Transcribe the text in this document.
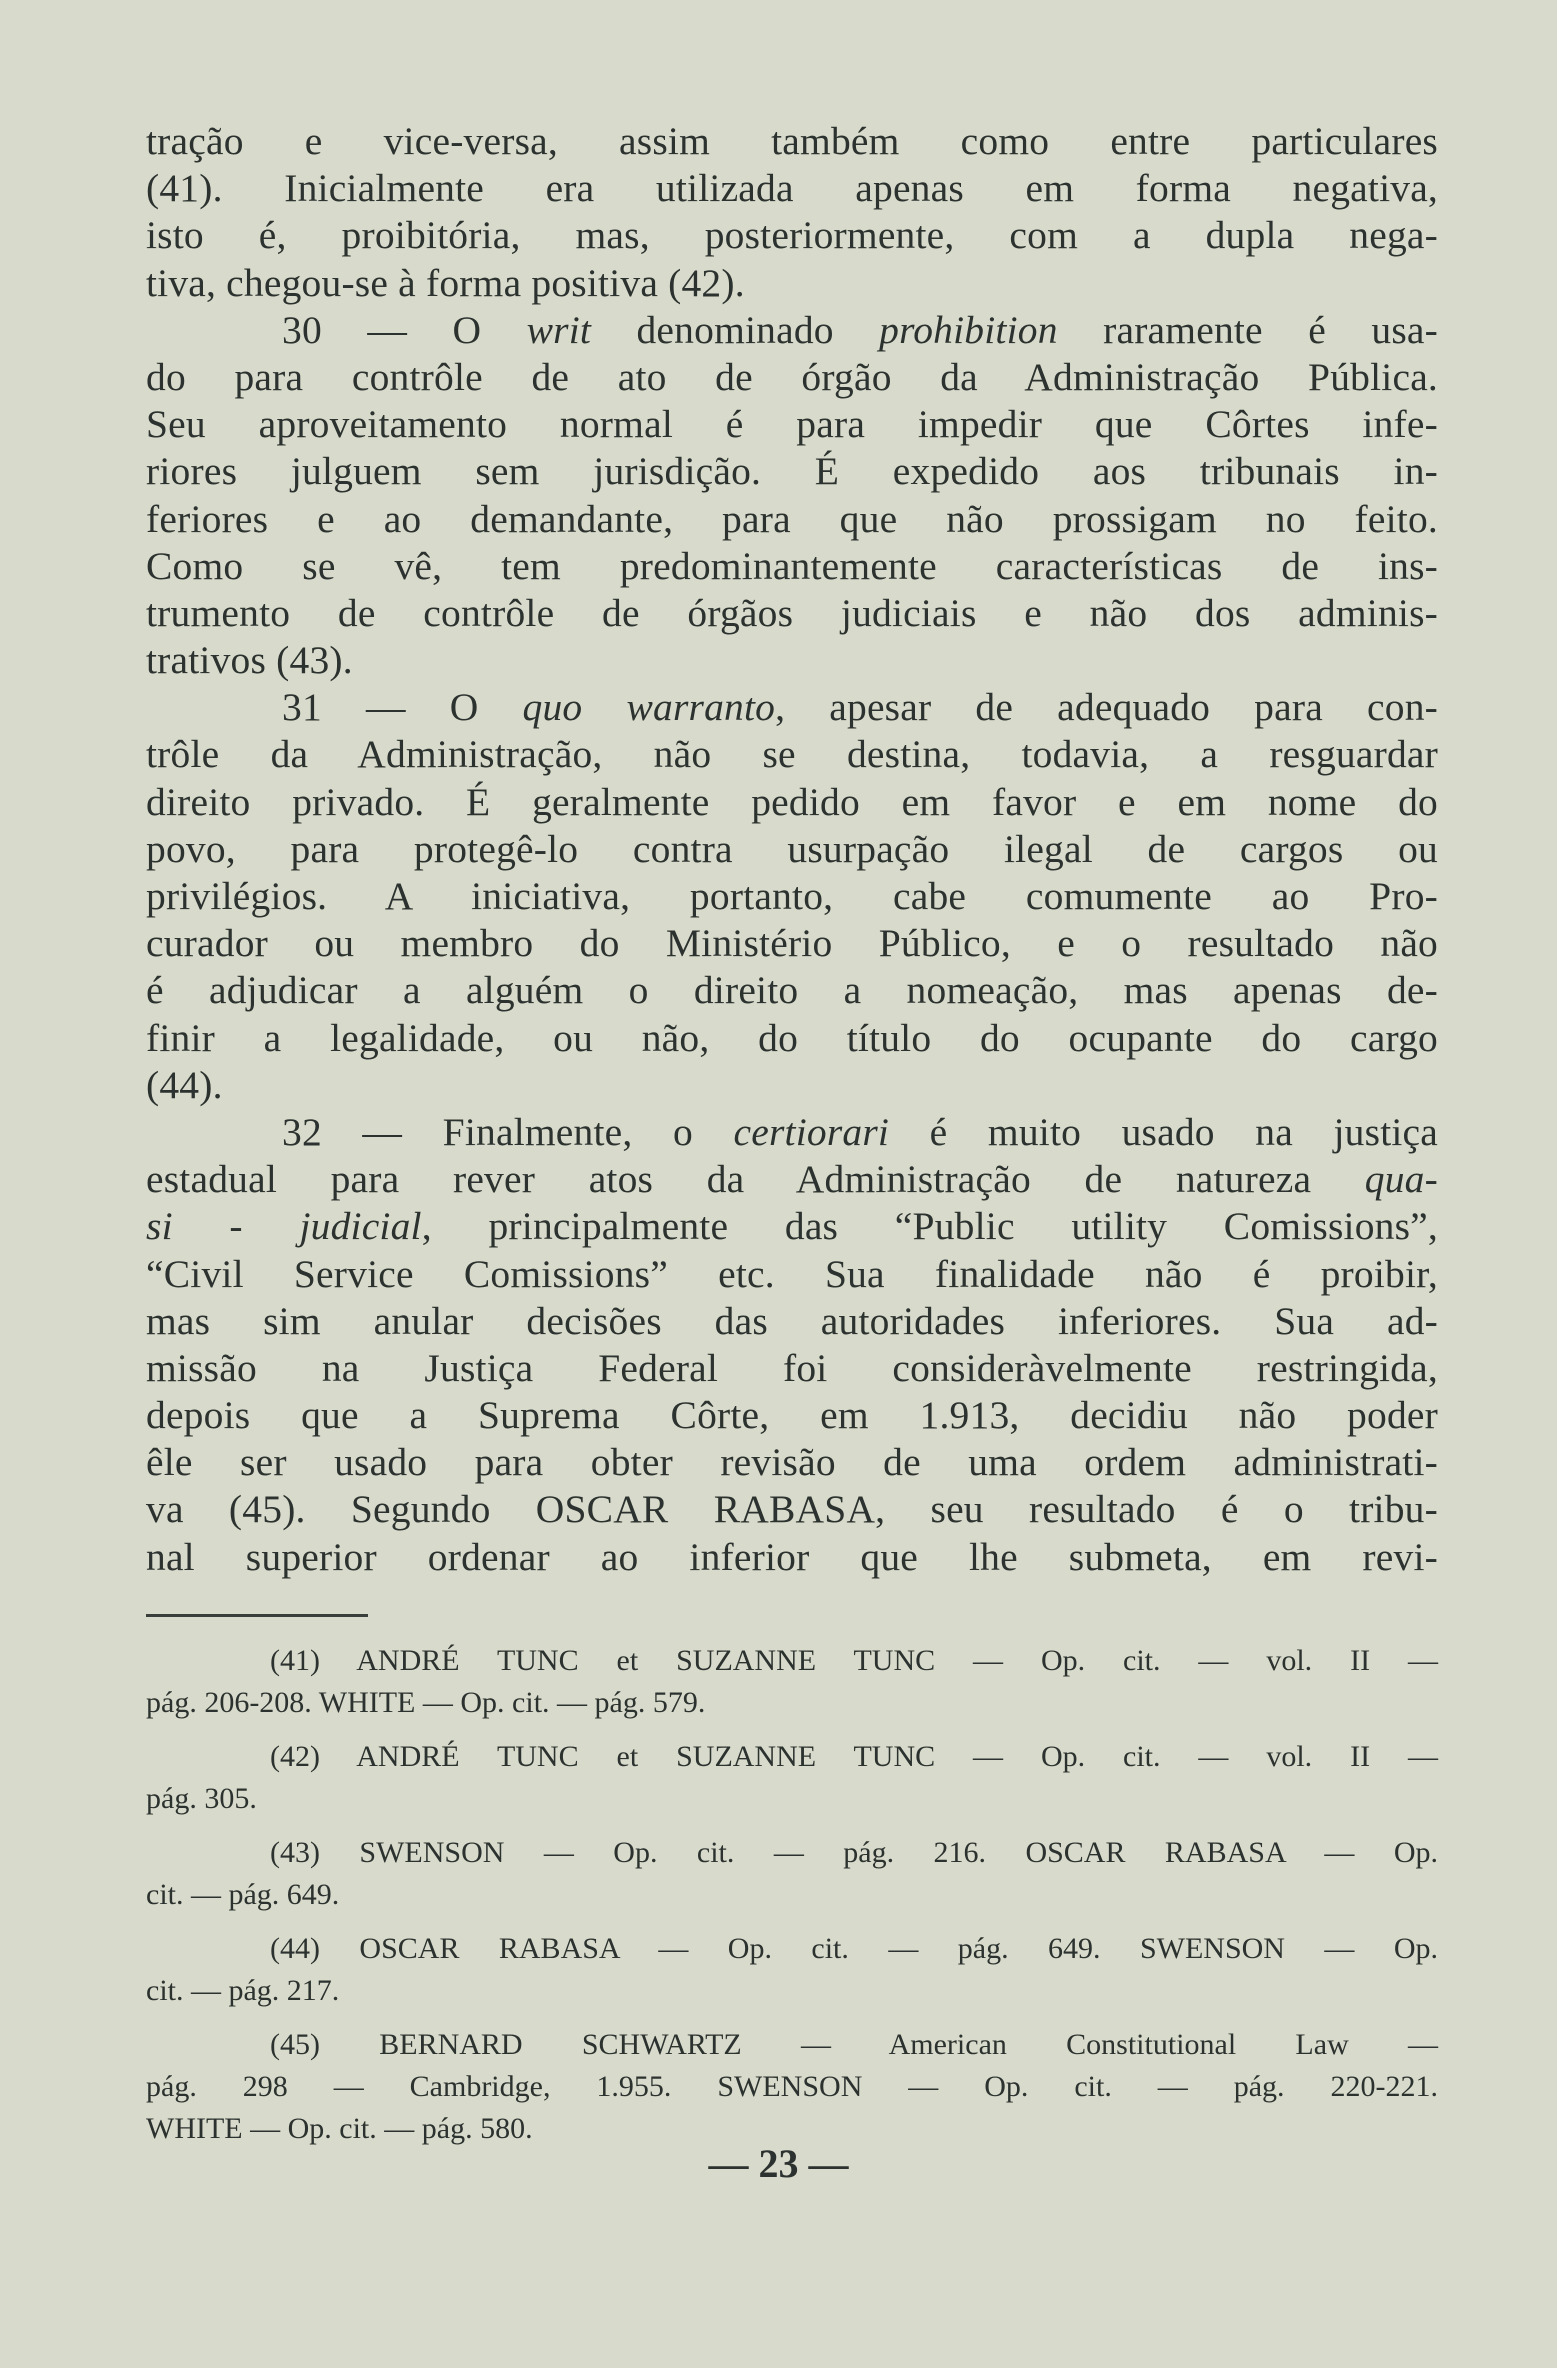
tração e vice-versa, assim também como entre particulares
(41). Inicialmente era utilizada apenas em forma negativa,
isto é, proibitória, mas, posteriormente, com a dupla nega-
tiva, chegou-se à forma positiva (42).
30 — O writ denominado prohibition raramente é usa-
do para contrôle de ato de órgão da Administração Pública.
Seu aproveitamento normal é para impedir que Côrtes infe-
riores julguem sem jurisdição. É expedido aos tribunais in-
feriores e ao demandante, para que não prossigam no feito.
Como se vê, tem predominantemente características de ins-
trumento de contrôle de órgãos judiciais e não dos adminis-
trativos (43).
31 — O quo warranto, apesar de adequado para con-
trôle da Administração, não se destina, todavia, a resguardar
direito privado. É geralmente pedido em favor e em nome do
povo, para protegê-lo contra usurpação ilegal de cargos ou
privilégios. A iniciativa, portanto, cabe comumente ao Pro-
curador ou membro do Ministério Público, e o resultado não
é adjudicar a alguém o direito a nomeação, mas apenas de-
finir a legalidade, ou não, do título do ocupante do cargo
(44).
32 — Finalmente, o certiorari é muito usado na justiça
estadual para rever atos da Administração de natureza qua-
si - judicial, principalmente das “Public utility Comissions”,
“Civil Service Comissions” etc. Sua finalidade não é proibir,
mas sim anular decisões das autoridades inferiores. Sua ad-
missão na Justiça Federal foi consideràvelmente restringida,
depois que a Suprema Côrte, em 1.913, decidiu não poder
êle ser usado para obter revisão de uma ordem administrati-
va (45). Segundo OSCAR RABASA, seu resultado é o tribu-
nal superior ordenar ao inferior que lhe submeta, em revi-
(41) ANDRÉ TUNC et SUZANNE TUNC — Op. cit. — vol. II —
pág. 206-208. WHITE — Op. cit. — pág. 579.
(42) ANDRÉ TUNC et SUZANNE TUNC — Op. cit. — vol. II —
pág. 305.
(43) SWENSON — Op. cit. — pág. 216. OSCAR RABASA — Op.
cit. — pág. 649.
(44) OSCAR RABASA — Op. cit. — pág. 649. SWENSON — Op.
cit. — pág. 217.
(45) BERNARD SCHWARTZ — American Constitutional Law —
pág. 298 — Cambridge, 1.955. SWENSON — Op. cit. — pág. 220-221.
WHITE — Op. cit. — pág. 580.
— 23 —
